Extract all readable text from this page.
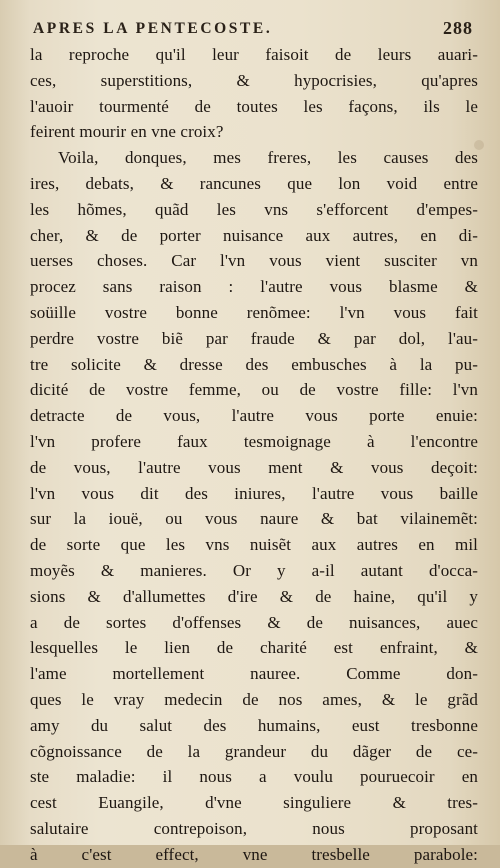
APRES LA PENTECOSTE.	288
la reproche qu'il leur faisoit de leurs auari-
ces, superstitions, & hypocrisies, qu'apres
l'auoir tourmenté de toutes les façons, ils le
feirent mourir en vne croix?
Voila, donques, mes freres, les causes des
ires, debats, & rancunes que lon void entre
les hõmes, quãd les vns s'efforcent d'empes-
cher, & de porter nuisance aux autres, en di-
uerses choses. Car l'vn vous vient susciter vn
procez sans raison : l'autre vous blasme &
soüille vostre bonne renõmee: l'vn vous fait
perdre vostre biẽ par fraude & par dol, l'au-
tre solicite & dresse des embusches à la pu-
dicité de vostre femme, ou de vostre fille: l'vn
detracte de vous, l'autre vous porte enuie:
l'vn profere faux tesmoignage à l'encontre
de vous, l'autre vous ment & vous deçoit:
l'vn vous dit des iniures, l'autre vous baille
sur la iouë, ou vous naure & bat vilainemẽt:
de sorte que les vns nuisẽt aux autres en mil
moyẽs & manieres. Or y a-il autant d'occa-
sions & d'allumettes d'ire & de haine, qu'il y
a de sortes d'offenses & de nuisances, auec
lesquelles le lien de charité est enfraint, &
l'ame mortellement nauree. Comme don-
ques le vray medecin de nos ames, & le grãd
amy du salut des humains, eust tresbonne
cõgnoissance de la grandeur du dãger de ce-
ste maladie: il nous a voulu pouruecoir en
cest Euangile, d'vne singuliere & tres-
salutaire contrepoison, nous proposant
à c'est effect, vne tresbelle parabole:
